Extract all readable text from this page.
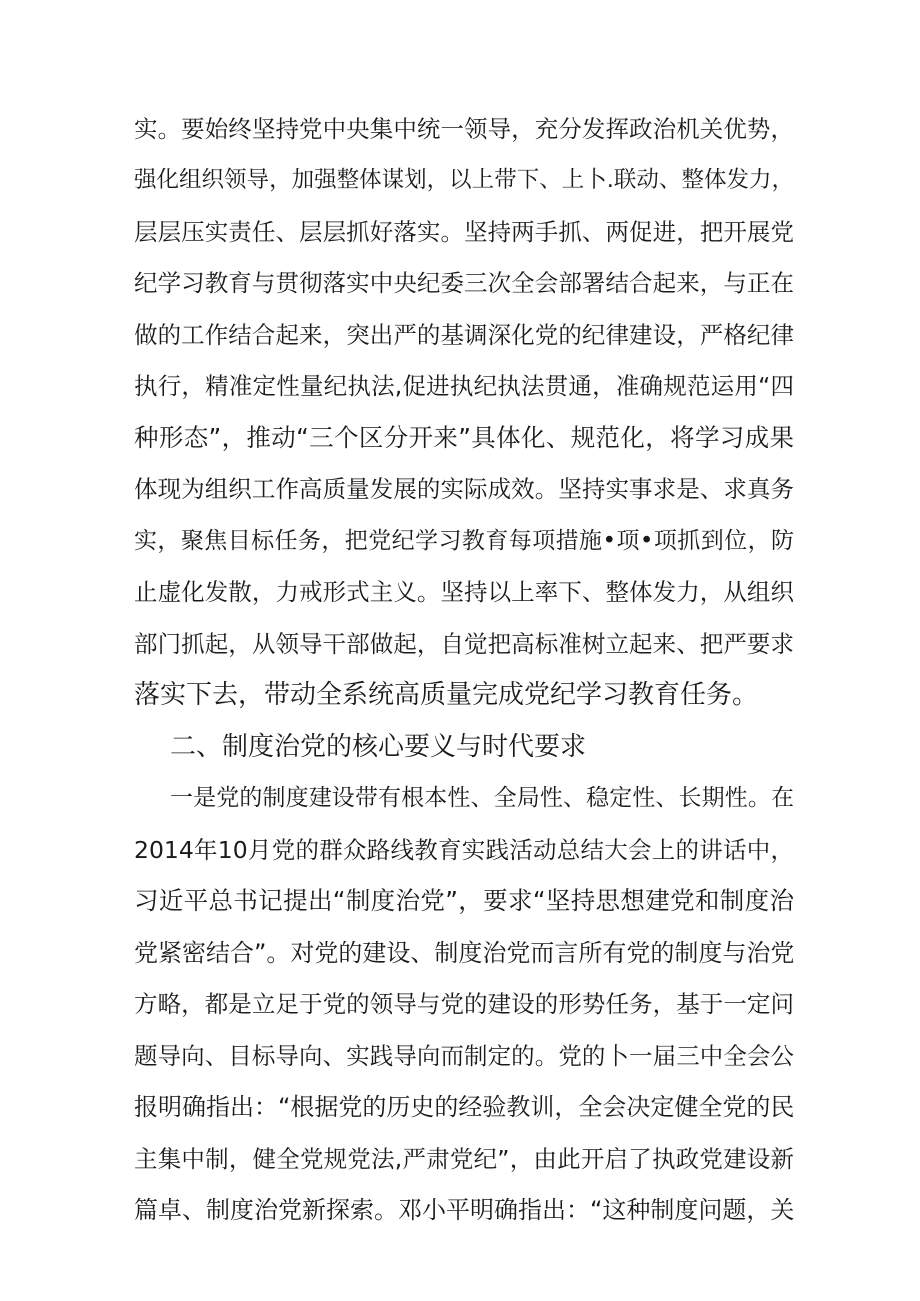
实。要始终坚持党中央集中统一领导，充分发挥政治机关优势，
强化组织领导，加强整体谋划，以上带下、上卜.联动、整体发力，
层层压实责任、层层抓好落实。坚持两手抓、两促进，把开展党
纪学习教育与贯彻落实中央纪委三次全会部署结合起来，与正在
做的工作结合起来，突出严的基调深化党的纪律建设，严格纪律
执行，精准定性量纪执法,促进执纪执法贯通，准确规范运用“四
种形态”，推动“三个区分开来”具体化、规范化，将学习成果
体现为组织工作高质量发展的实际成效。坚持实事求是、求真务
实，聚焦目标任务，把党纪学习教育每项措施•项•项抓到位，防
止虚化发散，力戒形式主义。坚持以上率下、整体发力，从组织
部门抓起，从领导干部做起，自觉把高标准树立起来、把严要求
落实下去，带动全系统高质量完成党纪学习教育任务。
二、制度治党的核心要义与时代要求
一是党的制度建设带有根本性、全局性、稳定性、长期性。在
2014年10月党的群众路线教育实践活动总结大会上的讲话中，
习近平总书记提出“制度治党”，要求“坚持思想建党和制度治
党紧密结合”。对党的建设、制度治党而言所有党的制度与治党
方略，都是立足于党的领导与党的建设的形势任务，基于一定问
题导向、目标导向、实践导向而制定的。党的卜一届三中全会公
报明确指出：“根据党的历史的经验教训，全会决定健全党的民
主集中制，健全党规党法,严肃党纪”，由此开启了执政党建设新
篇卓、制度治党新探索。邓小平明确指出：“这种制度问题，关
